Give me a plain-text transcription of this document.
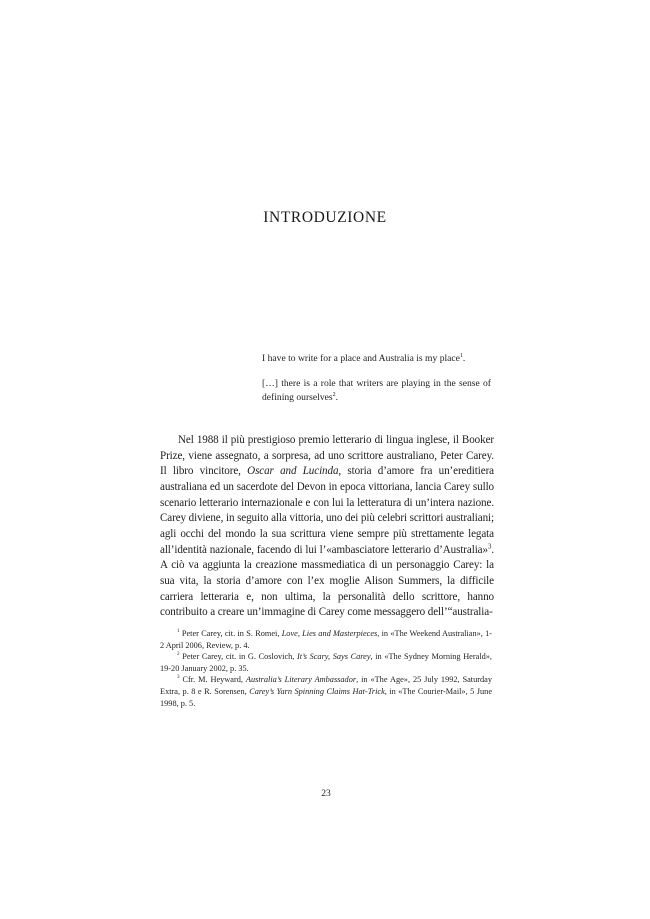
INTRODUZIONE

I have to write for a place and Australia is my place$^1$.

[…] there is a role that writers are playing in the sense of defining ourselves$^2$.

Nel 1988 il più prestigioso premio letterario di lingua inglese, il Booker Prize, viene assegnato, a sorpresa, ad uno scrittore australiano, Peter Carey. Il libro vincitore, Oscar and Lucinda, storia d’amore fra un’ereditiera australiana ed un sacerdote del Devon in epoca vittoriana, lancia Carey sullo scenario letterario internazionale e con lui la letteratura di un’intera nazione. Carey diviene, in seguito alla vittoria, uno dei più celebri scrittori australiani; agli occhi del mondo la sua scrittura viene sempre più strettamente legata all’identità nazionale, facendo di lui l’«ambasciatore letterario d’Australia»$^3$. A ciò va aggiunta la creazione massmediatica di un personaggio Carey: la sua vita, la storia d’amore con l’ex moglie Alison Summers, la difficile carriera letteraria e, non ultima, la personalità dello scrittore, hanno contribuito a creare un’immagine di Carey come messaggero dell’“australia-

$^1$ Peter Carey, cit. in S. Romei, Love, Lies and Masterpieces, in «The Weekend Australian», 1-2 April 2006, Review, p. 4.

$^2$ Peter Carey, cit. in G. Coslovich, It’s Scary, Says Carey, in «The Sydney Morning Herald», 19-20 January 2002, p. 35.

$^3$ Cfr. M. Heyward, Australia’s Literary Ambassador, in «The Age», 25 July 1992, Saturday Extra, p. 8 e R. Sorensen, Carey’s Yarn Spinning Claims Hat-Trick, in «The Courier-Mail», 5 June 1998, p. 5.

23
